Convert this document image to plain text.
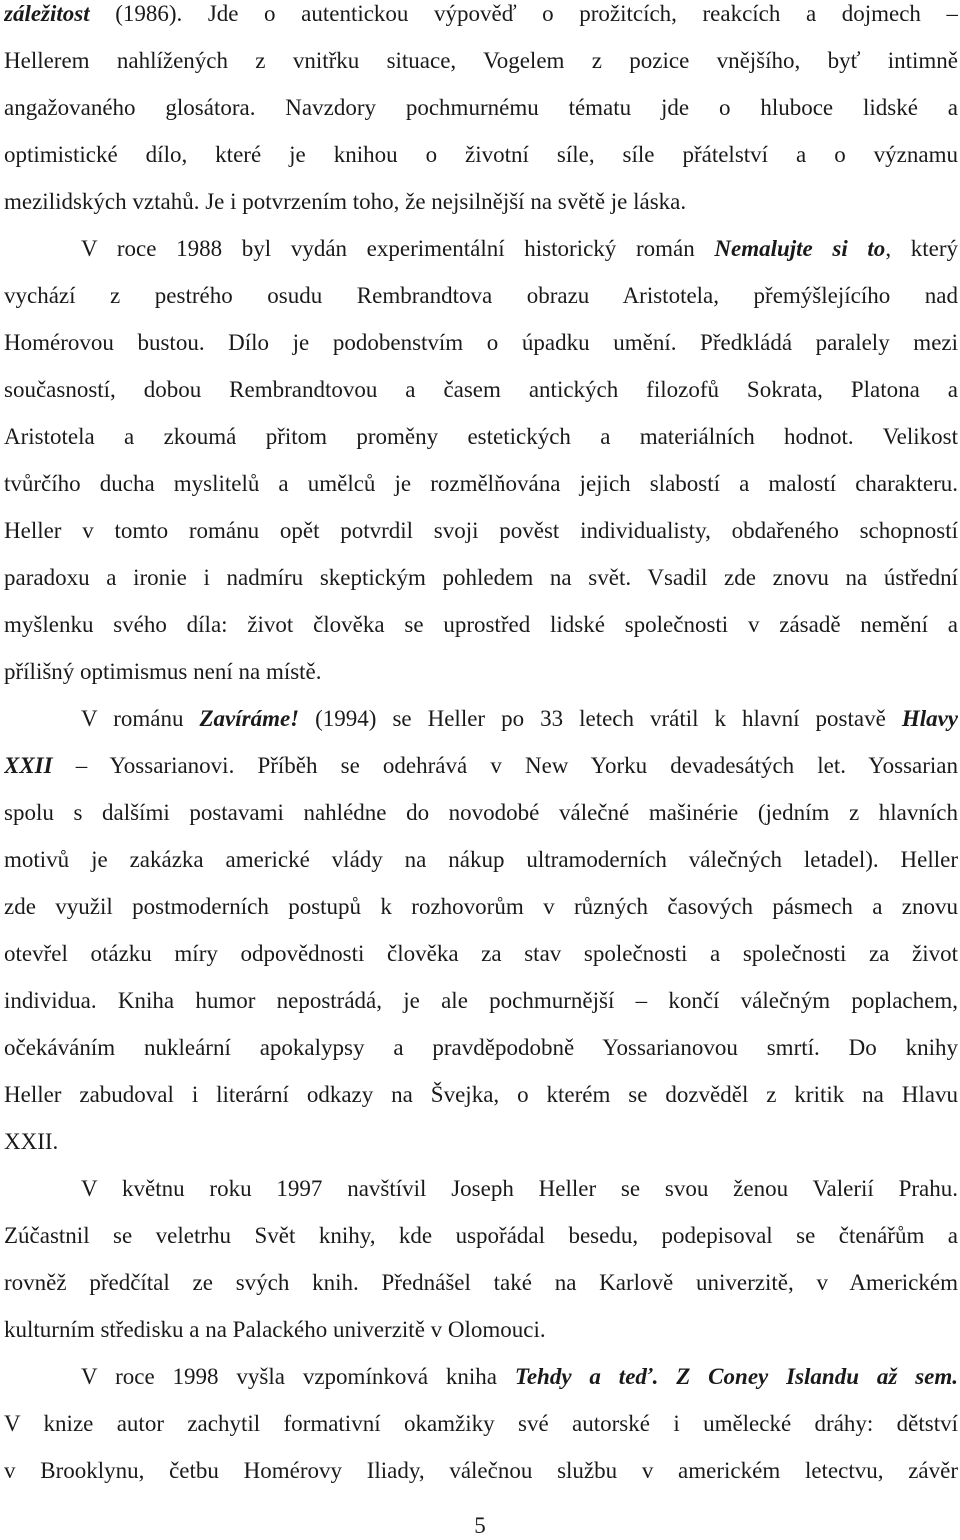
záležitost (1986). Jde o autentickou výpověď o prožitcích, reakcích a dojmech –
Hellerem nahlížených z vnitřku situace, Vogelem z pozice vnějšího, byť intimně
angažovaného glosátora. Navzdory pochmurnému tématu jde o hluboce lidské a
optimistické dílo, které je knihou o životní síle, síle přátelství a o významu
mezilidských vztahů. Je i potvrzením toho, že nejsilnější na světě je láska.
V roce 1988 byl vydán experimentální historický román Nemalujte si to, který
vychází z pestrého osudu Rembrandtova obrazu Aristotela, přemýšlejícího nad
Homérovou bustou. Dílo je podobenstvím o úpadku umění. Předkládá paralely mezi
současností, dobou Rembrandtovou a časem antických filozofů Sokrata, Platona a
Aristotela a zkoumá přitom proměny estetických a materiálních hodnot. Velikost
tvůrčího ducha myslitelů a umělců je rozmělňována jejich slabostí a malostí charakteru.
Heller v tomto románu opět potvrdil svoji pověst individualisty, obdařeného schopností
paradoxu a ironie i nadmíru skeptickým pohledem na svět. Vsadil zde znovu na ústřední
myšlenku svého díla: život člověka se uprostřed lidské společnosti v zásadě nemění a
přílišný optimismus není na místě.
V románu Zavíráme! (1994) se Heller po 33 letech vrátil k hlavní postavě Hlavy
XXII – Yossarianovi. Příběh se odehrává v New Yorku devadesátých let. Yossarian
spolu s dalšími postavami nahlédne do novodobé válečné mašinérie (jedním z hlavních
motivů je zakázka americké vlády na nákup ultramoderních válečných letadel). Heller
zde využil postmoderních postupů k rozhovorům v různých časových pásmech a znovu
otevřel otázku míry odpovědnosti člověka za stav společnosti a společnosti za život
individua. Kniha humor nepostrádá, je ale pochmurnější – končí válečným poplachem,
očekáváním nukleární apokalypsy a pravděpodobně Yossarianovou smrtí. Do knihy
Heller zabudoval i literární odkazy na Švejka, o kterém se dozvěděl z kritik na Hlavu
XXII.
V květnu roku 1997 navštívil Joseph Heller se svou ženou Valerií Prahu.
Zúčastnil se veletrhu Svět knihy, kde uspořádal besedu, podepisoval se čtenářům a
rovněž předčítal ze svých knih. Přednášel také na Karlově univerzitě, v Americkém
kulturním středisku a na Palackého univerzitě v Olomouci.
V roce 1998 vyšla vzpomínková kniha Tehdy a teď. Z Coney Islandu až sem.
V knize autor zachytil formativní okamžiky své autorské i umělecké dráhy: dětství
v Brooklynu, četbu Homérovy Iliady, válečnou službu v americkém letectvu, závěr
5
